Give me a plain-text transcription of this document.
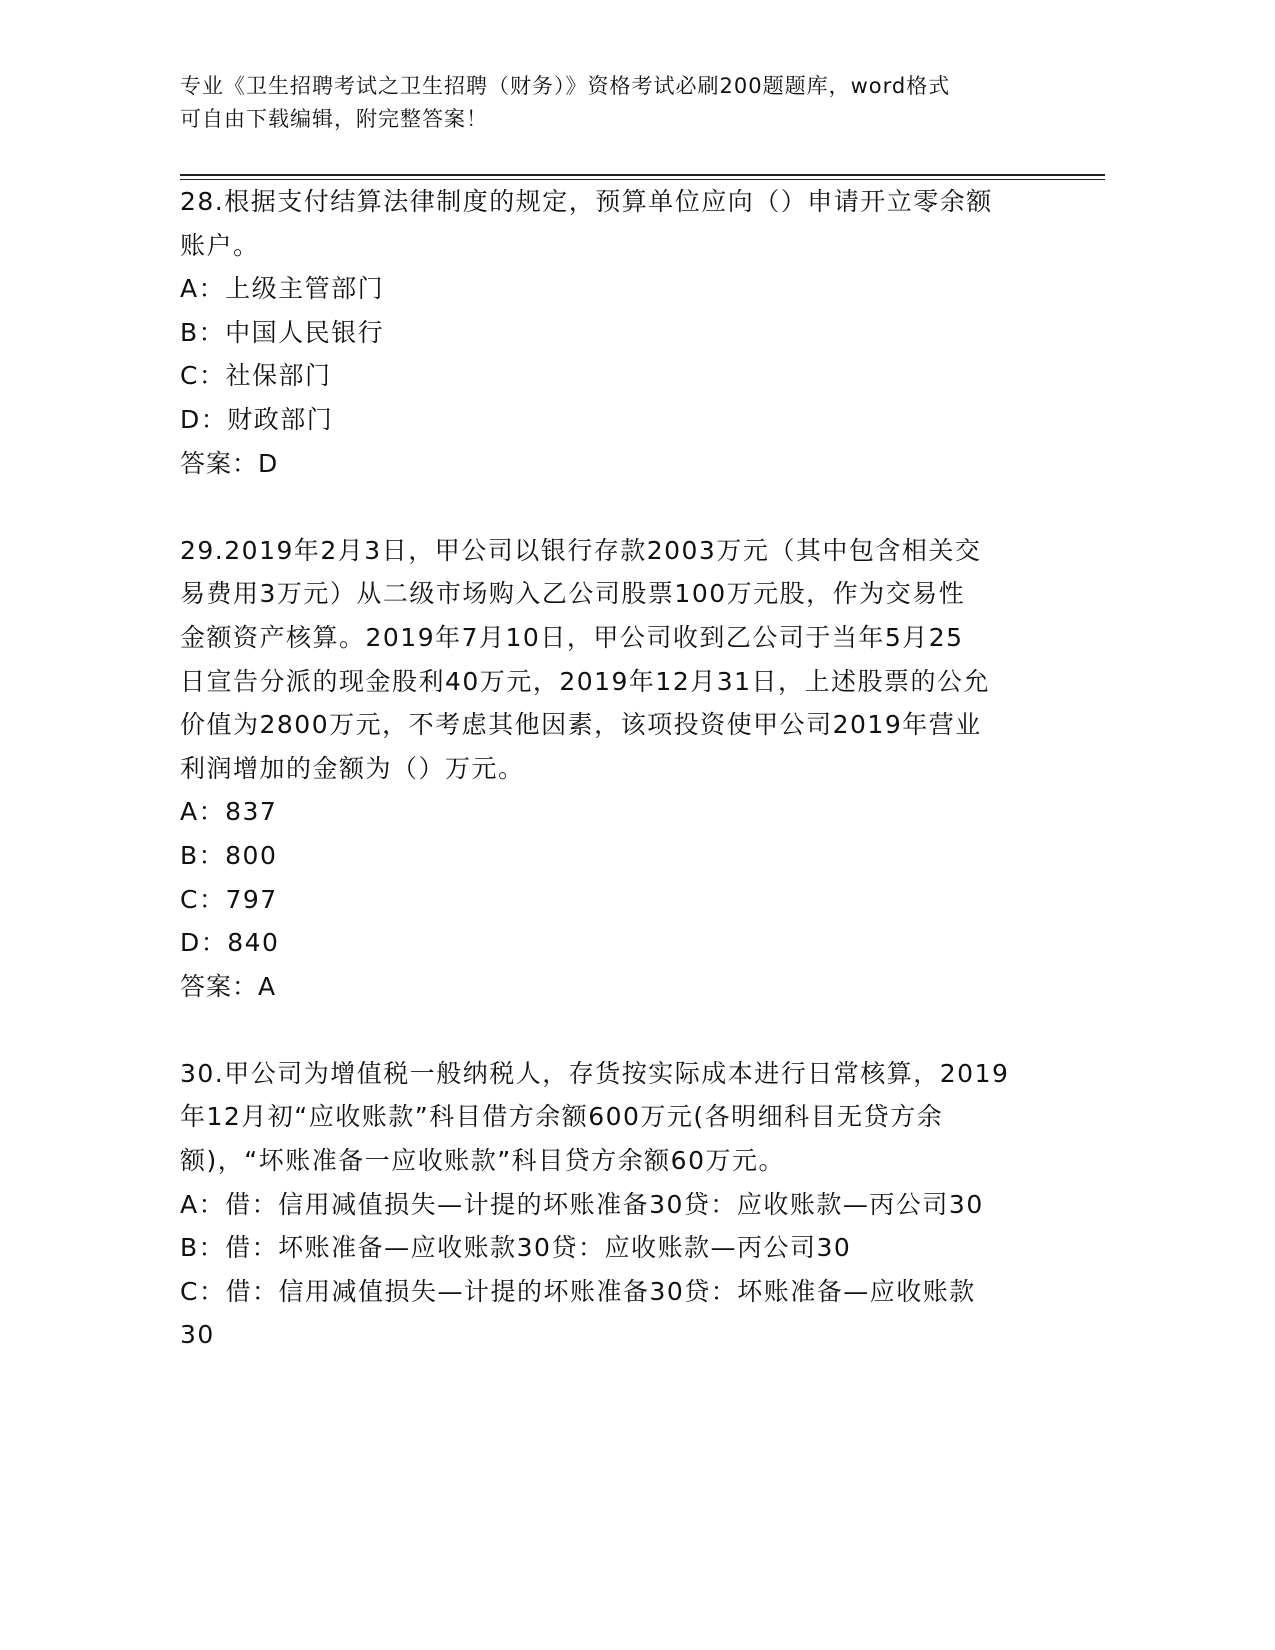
专业《卫生招聘考试之卫生招聘（财务）》资格考试必刷200题题库，word格式
可自由下载编辑，附完整答案！
28.根据支付结算法律制度的规定，预算单位应向（）申请开立零余额
账户。
A：上级主管部门
B：中国人民银行
C：社保部门
D：财政部门
答案：D
29.2019年2月3日，甲公司以银行存款2003万元（其中包含相关交
易费用3万元）从二级市场购入乙公司股票100万元股，作为交易性
金额资产核算。2019年7月10日，甲公司收到乙公司于当年5月25
日宣告分派的现金股利40万元，2019年12月31日，上述股票的公允
价值为2800万元，不考虑其他因素，该项投资使甲公司2019年营业
利润增加的金额为（）万元。
A：837
B：800
C：797
D：840
答案：A
30.甲公司为增值税一般纳税人，存货按实际成本进行日常核算，2019
年12月初“应收账款”科目借方余额600万元(各明细科目无贷方余
额)，“坏账准备一应收账款”科目贷方余额60万元。
A：借：信用减值损失—计提的坏账准备30贷：应收账款—丙公司30
B：借：坏账准备—应收账款30贷：应收账款—丙公司30
C：借：信用减值损失—计提的坏账准备30贷：坏账准备—应收账款
30
